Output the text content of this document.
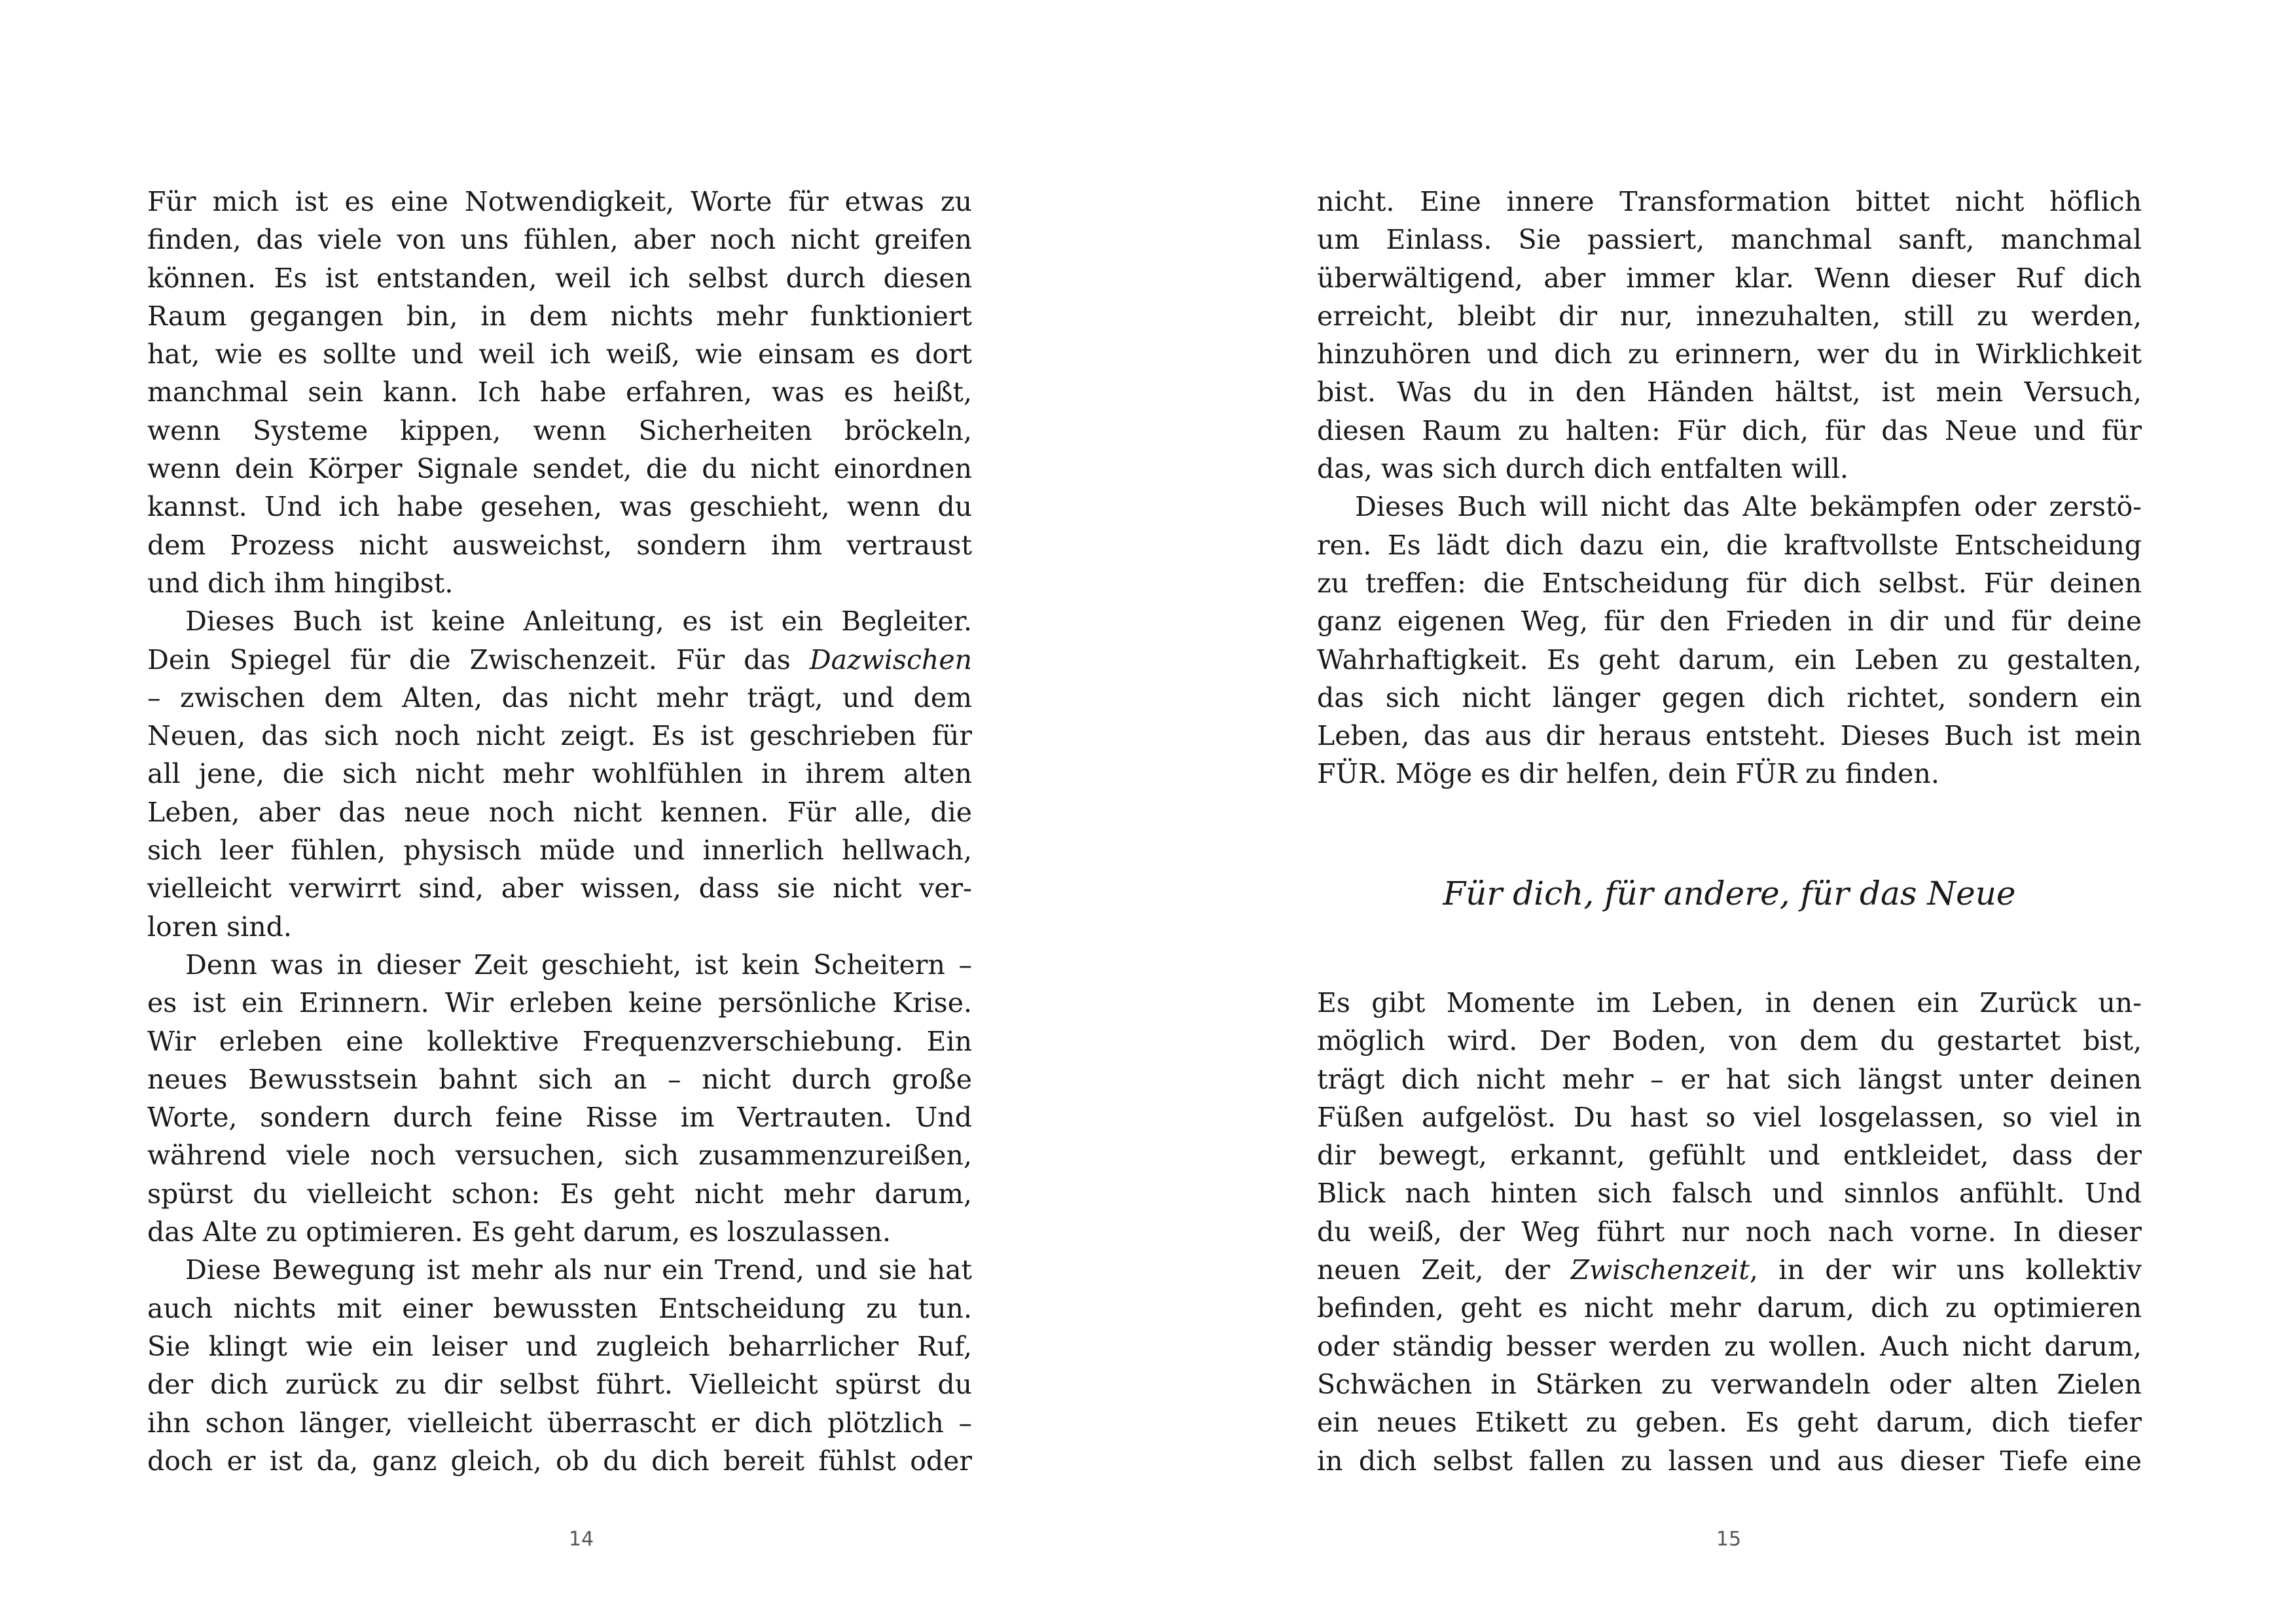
Für mich ist es eine Notwendigkeit, Worte für etwas zu
finden, das viele von uns fühlen, aber noch nicht greifen
können. Es ist entstanden, weil ich selbst durch diesen
Raum gegangen bin, in dem nichts mehr funktioniert
hat, wie es sollte und weil ich weiß, wie einsam es dort
manchmal sein kann. Ich habe erfahren, was es heißt,
wenn Systeme kippen, wenn Sicherheiten bröckeln,
wenn dein Körper Signale sendet, die du nicht einordnen
kannst. Und ich habe gesehen, was geschieht, wenn du
dem Prozess nicht ausweichst, sondern ihm vertraust
und dich ihm hingibst.
Dieses Buch ist keine Anleitung, es ist ein Begleiter.
Dein Spiegel für die Zwischenzeit. Für das Dazwischen
– zwischen dem Alten, das nicht mehr trägt, und dem
Neuen, das sich noch nicht zeigt. Es ist geschrieben für
all jene, die sich nicht mehr wohlfühlen in ihrem alten
Leben, aber das neue noch nicht kennen. Für alle, die
sich leer fühlen, physisch müde und innerlich hellwach,
vielleicht verwirrt sind, aber wissen, dass sie nicht ver-
loren sind.
Denn was in dieser Zeit geschieht, ist kein Scheitern –
es ist ein Erinnern. Wir erleben keine persönliche Krise.
Wir erleben eine kollektive Frequenzverschiebung. Ein
neues Bewusstsein bahnt sich an – nicht durch große
Worte, sondern durch feine Risse im Vertrauten. Und
während viele noch versuchen, sich zusammenzureißen,
spürst du vielleicht schon: Es geht nicht mehr darum,
das Alte zu optimieren. Es geht darum, es loszulassen.
Diese Bewegung ist mehr als nur ein Trend, und sie hat
auch nichts mit einer bewussten Entscheidung zu tun.
Sie klingt wie ein leiser und zugleich beharrlicher Ruf,
der dich zurück zu dir selbst führt. Vielleicht spürst du
ihn schon länger, vielleicht überrascht er dich plötzlich –
doch er ist da, ganz gleich, ob du dich bereit fühlst oder
nicht. Eine innere Transformation bittet nicht höflich
um Einlass. Sie passiert, manchmal sanft, manchmal
überwältigend, aber immer klar. Wenn dieser Ruf dich
erreicht, bleibt dir nur, innezuhalten, still zu werden,
hinzuhören und dich zu erinnern, wer du in Wirklichkeit
bist. Was du in den Händen hältst, ist mein Versuch,
diesen Raum zu halten: Für dich, für das Neue und für
das, was sich durch dich entfalten will.
Dieses Buch will nicht das Alte bekämpfen oder zerstö-
ren. Es lädt dich dazu ein, die kraftvollste Entscheidung
zu treffen: die Entscheidung für dich selbst. Für deinen
ganz eigenen Weg, für den Frieden in dir und für deine
Wahrhaftigkeit. Es geht darum, ein Leben zu gestalten,
das sich nicht länger gegen dich richtet, sondern ein
Leben, das aus dir heraus entsteht. Dieses Buch ist mein
FÜR. Möge es dir helfen, dein FÜR zu finden.
Für dich, für andere, für das Neue
Es gibt Momente im Leben, in denen ein Zurück un-
möglich wird. Der Boden, von dem du gestartet bist,
trägt dich nicht mehr – er hat sich längst unter deinen
Füßen aufgelöst. Du hast so viel losgelassen, so viel in
dir bewegt, erkannt, gefühlt und entkleidet, dass der
Blick nach hinten sich falsch und sinnlos anfühlt. Und
du weiß, der Weg führt nur noch nach vorne. In dieser
neuen Zeit, der Zwischenzeit, in der wir uns kollektiv
befinden, geht es nicht mehr darum, dich zu optimieren
oder ständig besser werden zu wollen. Auch nicht darum,
Schwächen in Stärken zu verwandeln oder alten Zielen
ein neues Etikett zu geben. Es geht darum, dich tiefer
in dich selbst fallen zu lassen und aus dieser Tiefe eine
14	15
